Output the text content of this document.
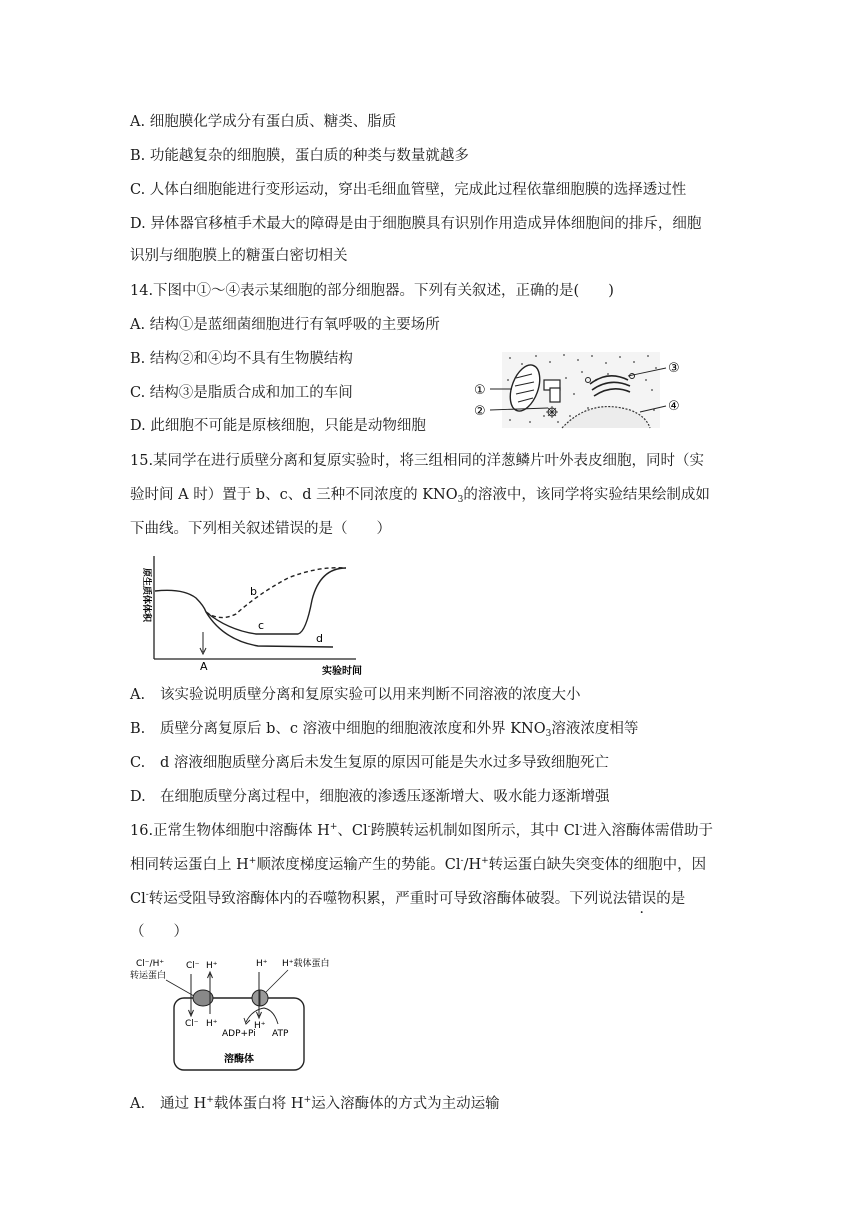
A. 细胞膜化学成分有蛋白质、糖类、脂质
B. 功能越复杂的细胞膜，蛋白质的种类与数量就越多
C. 人体白细胞能进行变形运动，穿出毛细血管壁，完成此过程依靠细胞膜的选择透过性
D. 异体器官移植手术最大的障碍是由于细胞膜具有识别作用造成异体细胞间的排斥，细胞
识别与细胞膜上的糖蛋白密切相关
14.下图中①～④表示某细胞的部分细胞器。下列有关叙述，正确的是(　　)
A. 结构①是蓝细菌细胞进行有氧呼吸的主要场所
B. 结构②和④均不具有生物膜结构
C. 结构③是脂质合成和加工的车间
D. 此细胞不可能是原核细胞，只能是动物细胞
①
②
③
④
15.某同学在进行质壁分离和复原实验时，将三组相同的洋葱鳞片叶外表皮细胞，同时（实
验时间 A 时）置于 b、c、d 三种不同浓度的 $KNO_3$的溶液中，该同学将实验结果绘制成如
下曲线。下列相关叙述错误的是（　　）
原生质体体积
实验时间
A
b
c
d
A. 该实验说明质壁分离和复原实验可以用来判断不同溶液的浓度大小
B. 质壁分离复原后 b、c 溶液中细胞的细胞液浓度和外界 $KNO_3$溶液浓度相等
C. d 溶液细胞质壁分离后未发生复原的原因可能是失水过多导致细胞死亡
D. 在细胞质壁分离过程中，细胞液的渗透压逐渐增大、吸水能力逐渐增强
16.正常生物体细胞中溶酶体 H+、Cl-跨膜转运机制如图所示，其中 Cl-进入溶酶体需借助于
相同转运蛋白上 H+顺浓度梯度运输产生的势能。Cl-/H+转运蛋白缺失突变体的细胞中，因
Cl-转运受阻导致溶酶体内的吞噬物积累，严重时可导致溶酶体破裂。下列说法错误的是
（　　）
Cl⁻/H⁺
转运蛋白
Cl⁻ H⁺	H⁺ H⁺载体蛋白
Cl⁻ H⁺	H⁺
ADP+Pi ATP
溶酶体
A. 通过 H+载体蛋白将 H+运入溶酶体的方式为主动运输
